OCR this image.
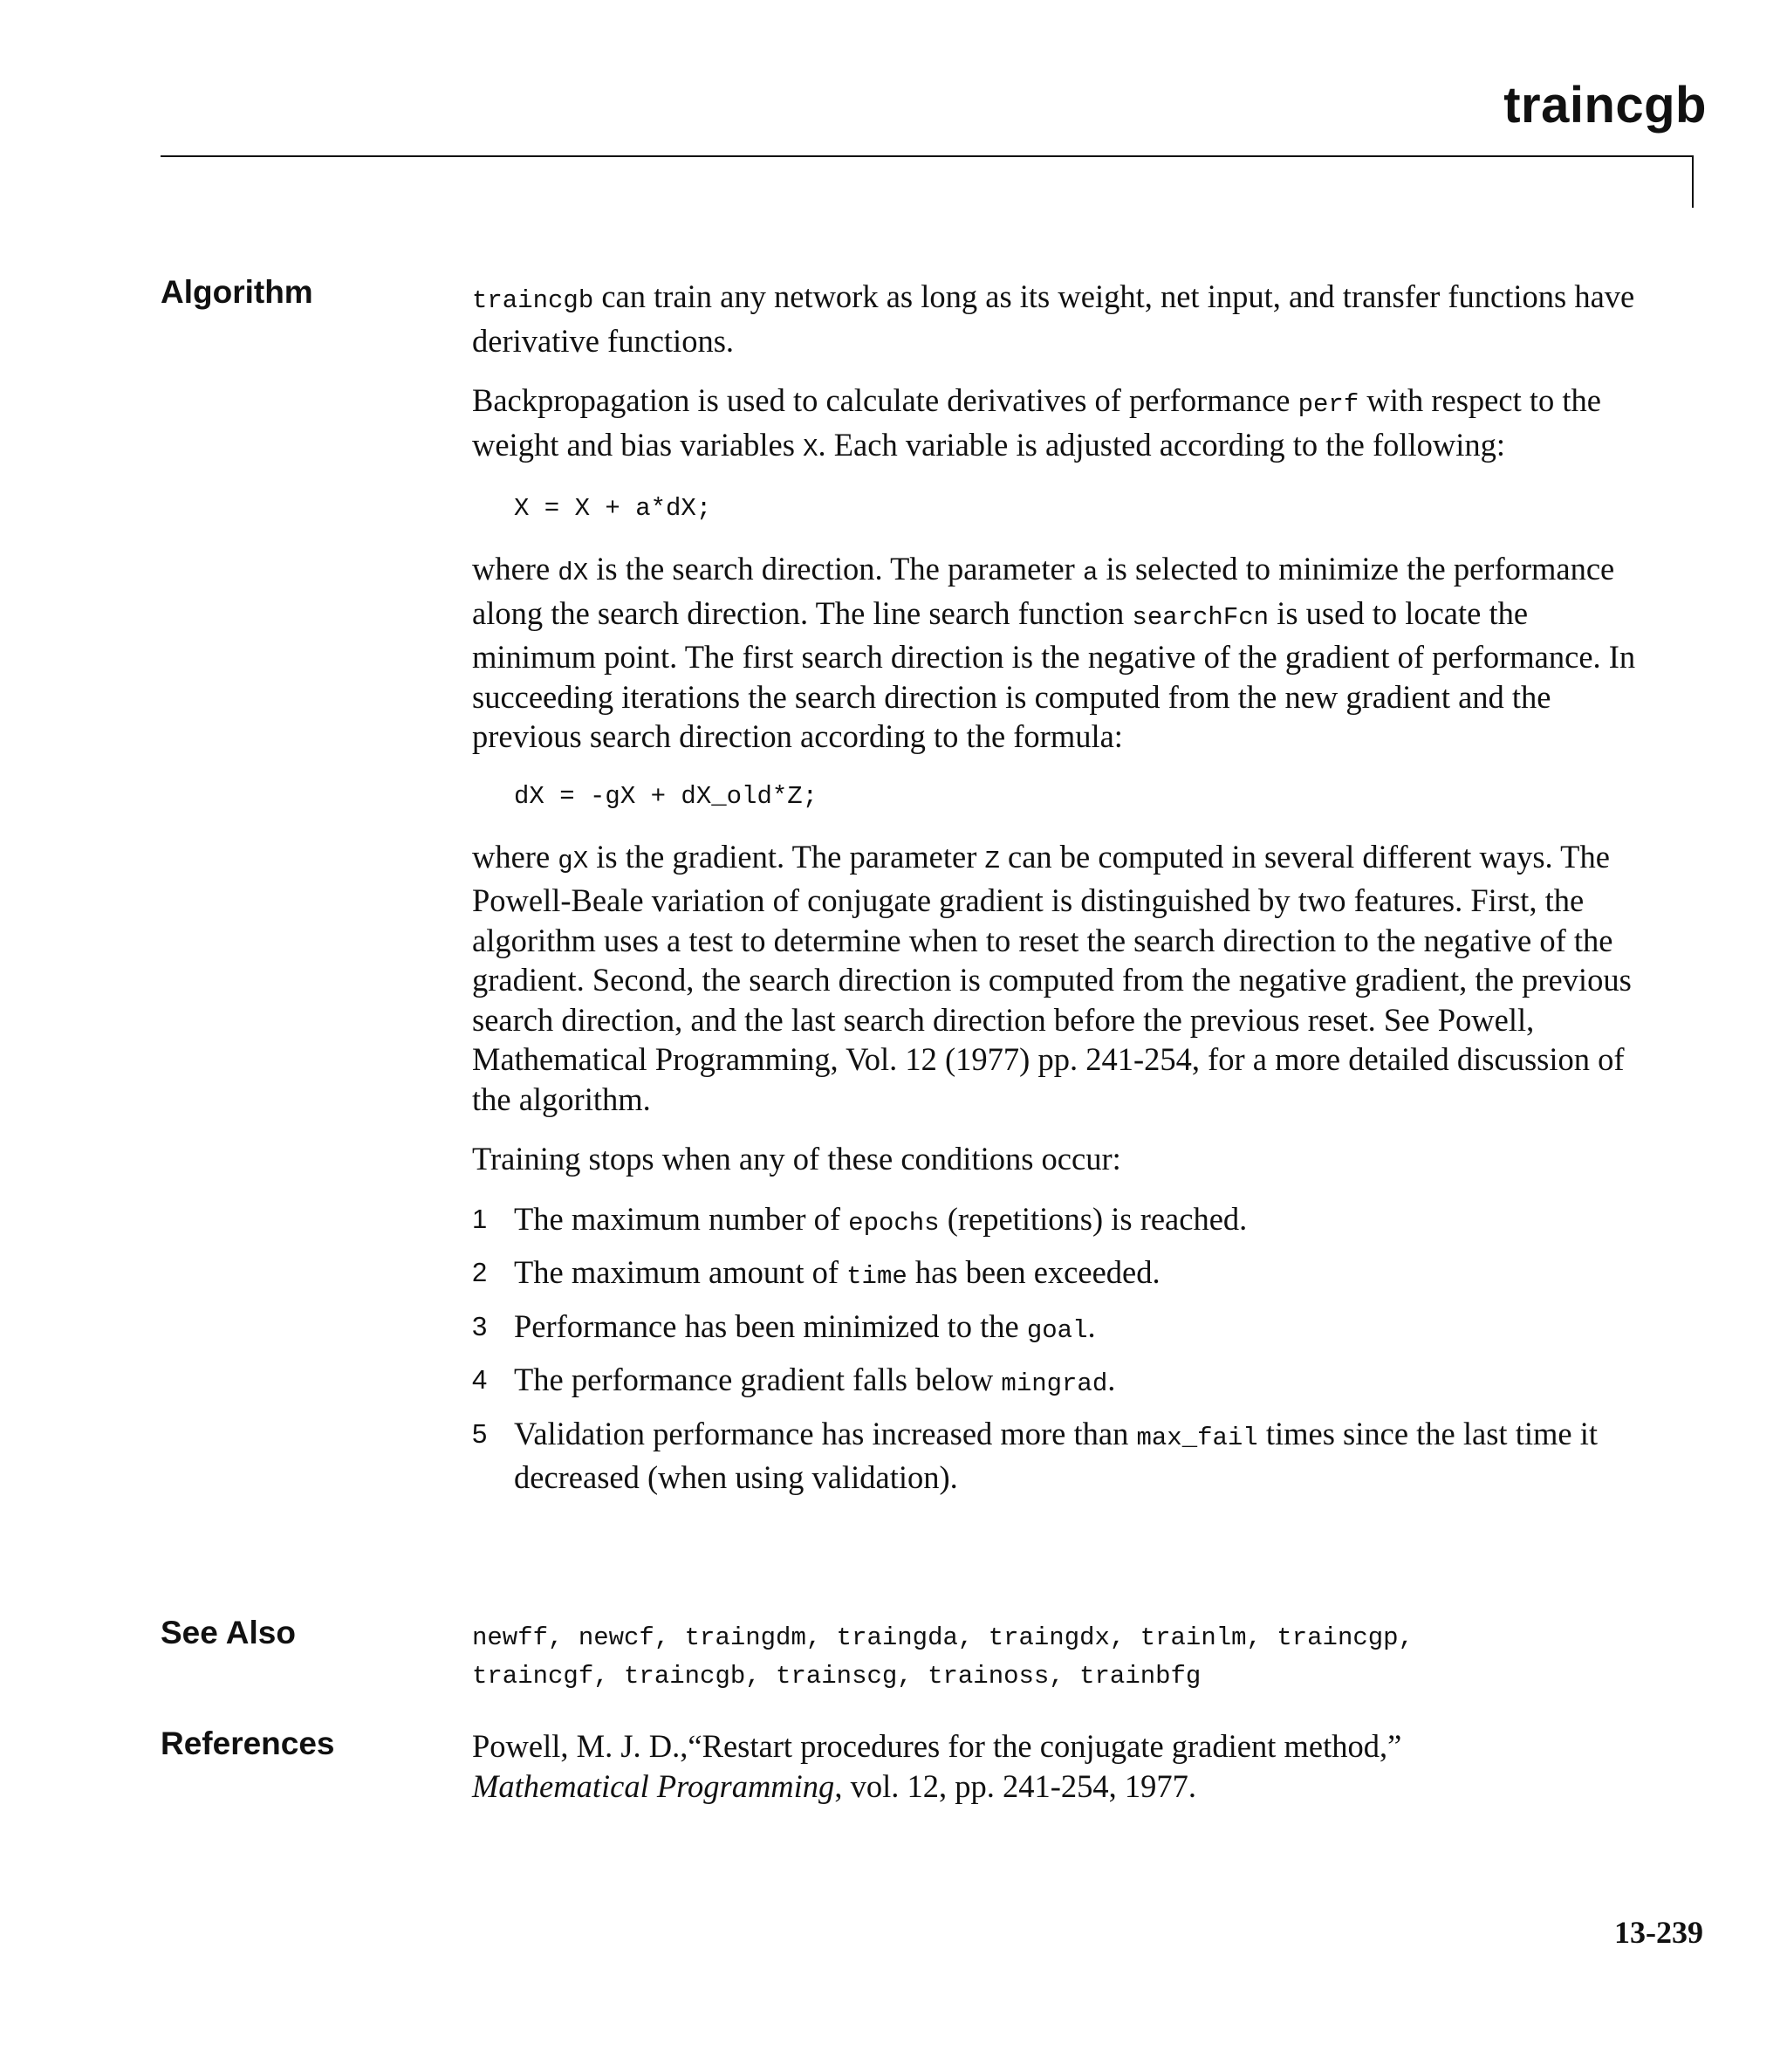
traincgb
Algorithm	traincgb can train any network as long as its weight, net input, and transfer functions have derivative functions.

Backpropagation is used to calculate derivatives of performance perf with respect to the weight and bias variables X. Each variable is adjusted according to the following:

X = X + a*dX;

where dX is the search direction. The parameter a is selected to minimize the performance along the search direction. The line search function searchFcn is used to locate the minimum point. The first search direction is the negative of the gradient of performance. In succeeding iterations the search direction is computed from the new gradient and the previous search direction according to the formula:

dX = -gX + dX_old*Z;

where gX is the gradient. The parameter Z can be computed in several different ways. The Powell-Beale variation of conjugate gradient is distinguished by two features. First, the algorithm uses a test to determine when to reset the search direction to the negative of the gradient. Second, the search direction is computed from the negative gradient, the previous search direction, and the last search direction before the previous reset. See Powell, Mathematical Programming, Vol. 12 (1977) pp. 241-254, for a more detailed discussion of the algorithm.

Training stops when any of these conditions occur:

1 The maximum number of epochs (repetitions) is reached.
2 The maximum amount of time has been exceeded.
3 Performance has been minimized to the goal.
4 The performance gradient falls below mingrad.
5 Validation performance has increased more than max_fail times since the last time it decreased (when using validation).
See Also	newff, newcf, traingdm, traingda, traingdx, trainlm, traincgp,
traincgf, traincgb, trainscg, trainoss, trainbfg
References	Powell, M. J. D.,“Restart procedures for the conjugate gradient method,”
Mathematical Programming, vol. 12, pp. 241-254, 1977.
13-239
